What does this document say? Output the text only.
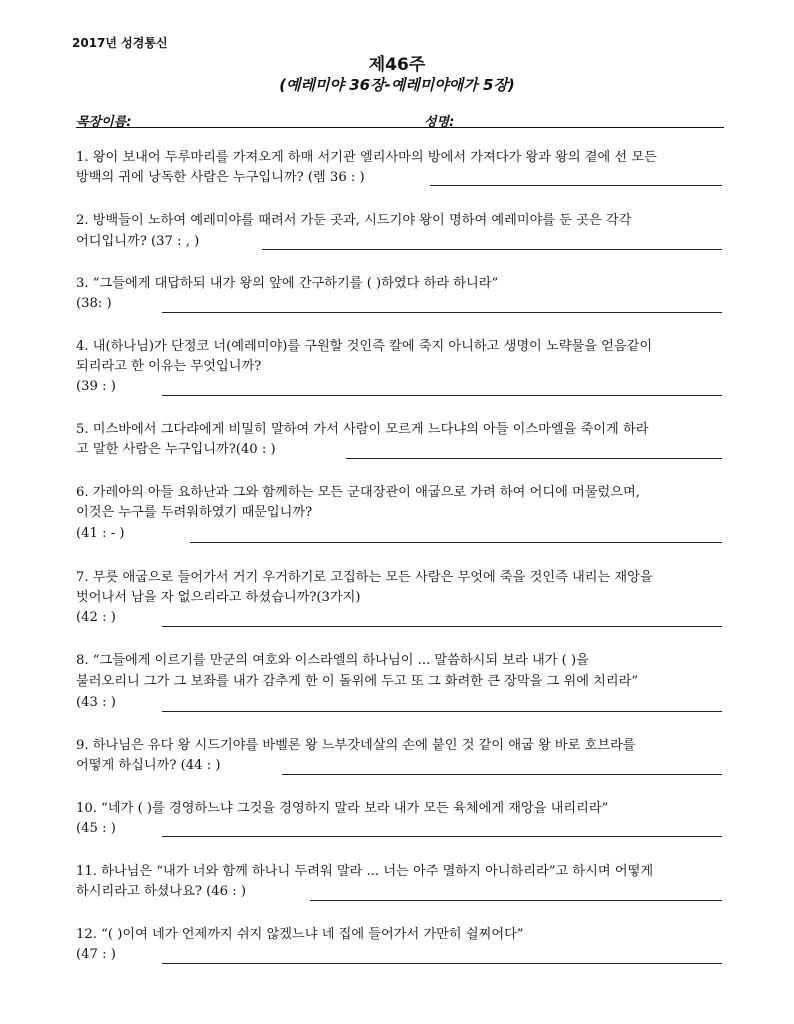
2017년 성경통신
제46주
(예레미야 36장-예레미야애가 5장)
목장이름:	성명:
1. 왕이 보내어 두루마리를 가져오게 하매 서기관 엘리사마의 방에서 가져다가 왕과 왕의 곁에 선 모든
방백의 귀에 낭독한 사람은 누구입니까? (렘 36 : )
2. 방백들이 노하여 예레미야를 때려서 가둔 곳과, 시드기야 왕이 명하여 예레미야를 둔 곳은 각각
어디입니까? (37 : , )
3. “그들에게 대답하되 내가 왕의 앞에 간구하기를 ( )하였다 하라 하니라”
(38: )
4. 내(하나님)가 단정코 너(예레미야)를 구원할 것인즉 칼에 죽지 아니하고 생명이 노략물을 얻음같이
되리라고 한 이유는 무엇입니까?
(39 : )
5. 미스바에서 그다랴에게 비밀히 말하여 가서 사람이 모르게 느다냐의 아들 이스마엘을 죽이게 하라
고 말한 사람은 누구입니까?(40 : )
6. 가레아의 아들 요하난과 그와 함께하는 모든 군대장관이 애굽으로 가려 하여 어디에 머물렀으며,
이것은 누구를 두려워하였기 때문입니까?
(41 : - )
7. 무릇 애굽으로 들어가서 거기 우거하기로 고집하는 모든 사람은 무엇에 죽을 것인즉 내리는 재앙을
벗어나서 남을 자 없으리라고 하셨습니까?(3가지)
(42 : )
8. “그들에게 이르기를 만군의 여호와 이스라엘의 하나님이 ... 말씀하시되 보라 내가 ( )을
불러오리니 그가 그 보좌를 내가 감추게 한 이 돌위에 두고 또 그 화려한 큰 장막을 그 위에 치리라”
(43 : )
9. 하나님은 유다 왕 시드기야를 바벨론 왕 느부갓네살의 손에 붙인 것 같이 애굽 왕 바로 호브라를
어떻게 하십니까? (44 : )
10. “네가 ( )를 경영하느냐 그것을 경영하지 말라 보라 내가 모든 육체에게 재앙을 내리리라”
(45 : )
11. 하나님은 “내가 너와 함께 하나니 두려워 말라 ... 너는 아주 멸하지 아니하리라”고 하시며 어떻게
하시리라고 하셨나요? (46 : )
12. “( )이여 네가 언제까지 쉬지 않겠느냐 네 집에 들어가서 가만히 쉴찌어다”
(47 : )
